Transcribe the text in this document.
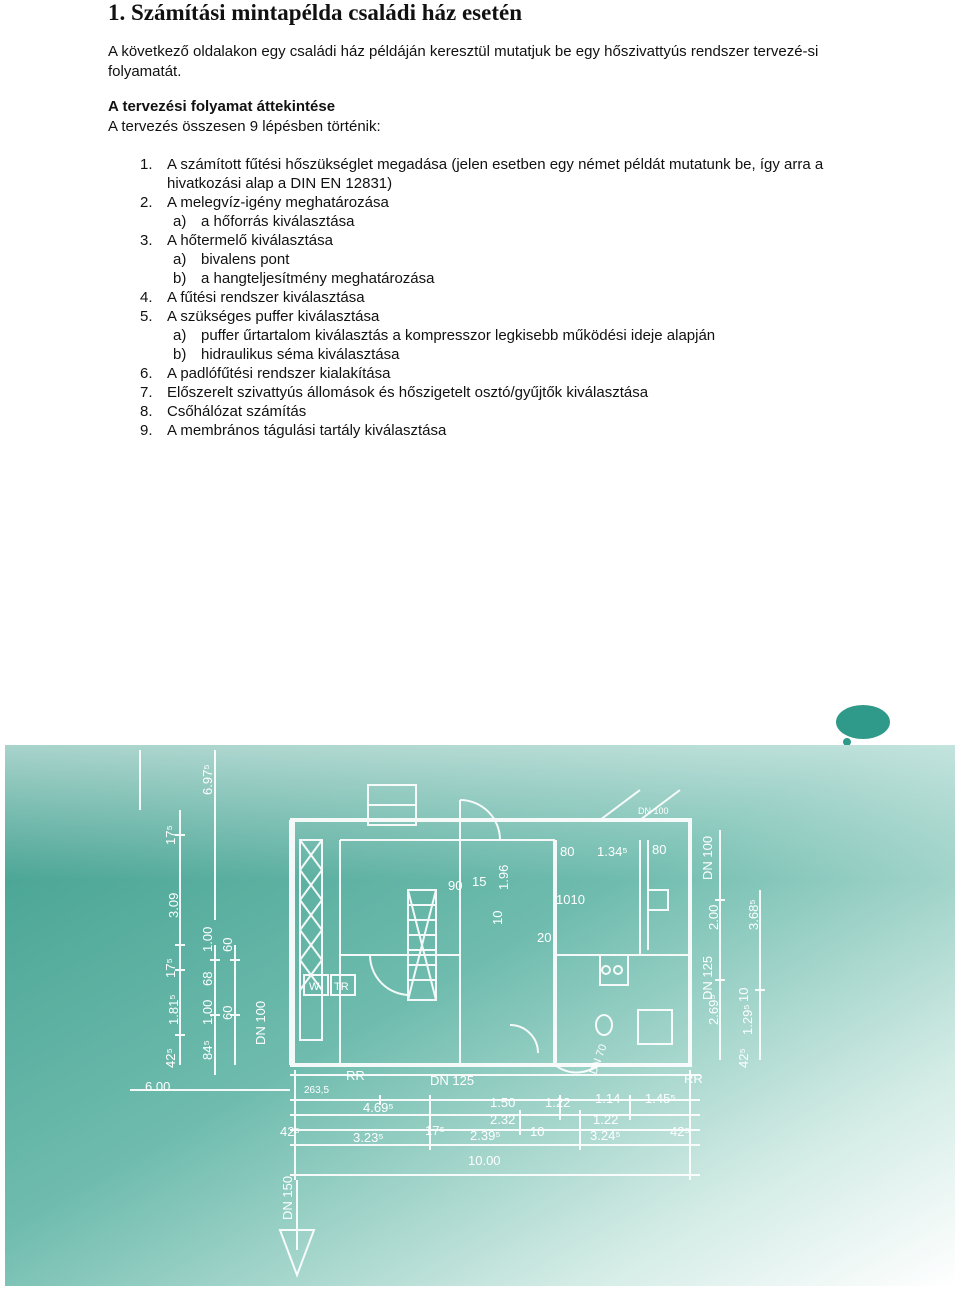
1. Számítási mintapélda családi ház esetén

A következő oldalakon egy családi ház példáján keresztül mutatjuk be egy hőszivattyús rendszer tervezé-si folyamatát.

A tervezési folyamat áttekintése

A tervezés összesen 9 lépésben történik:

1. A számított fűtési hőszükséglet megadása (jelen esetben egy német példát mutatunk be, így arra a hivatkozási alap a DIN EN 12831)
2. A melegvíz-igény meghatározása
a) a hőforrás kiválasztása
3. A hőtermelő kiválasztása
a) bivalens pont
b) a hangteljesítmény meghatározása
4. A fűtési rendszer kiválasztása
5. A szükséges puffer kiválasztása
a) puffer űrtartalom kiválasztás a kompresszor legkisebb működési ideje alapján
b) hidraulikus séma kiválasztása
6. A padlófűtési rendszer kialakítása
7. Előszerelt szivattyús állomások és hőszigetelt osztó/gyűjtők kiválasztása
8. Csőhálózat számítás
9. A membrános tágulási tartály kiválasztása
6.97⁵
17⁵
3.09
17⁵
1.81⁵
42⁵
1.00 60
68
1.00 60
84⁵
DN 100
6.00
W TR
90 15 1.96
10
20
1010
80 1.34⁵ 80
DN 100
DN 100
2.00 3.68⁵
DN 125
2.69⁵ 10
1.29⁵
42⁵
DN 70
RR	DN 125	RR
263,5
4.69⁵	1.50 1.22 1.14 1.45⁵
2.32	1.22
42⁵	3.23⁵	17⁵ 2.39⁵ 10	3.24⁵	42⁵
10.00
DN 150
